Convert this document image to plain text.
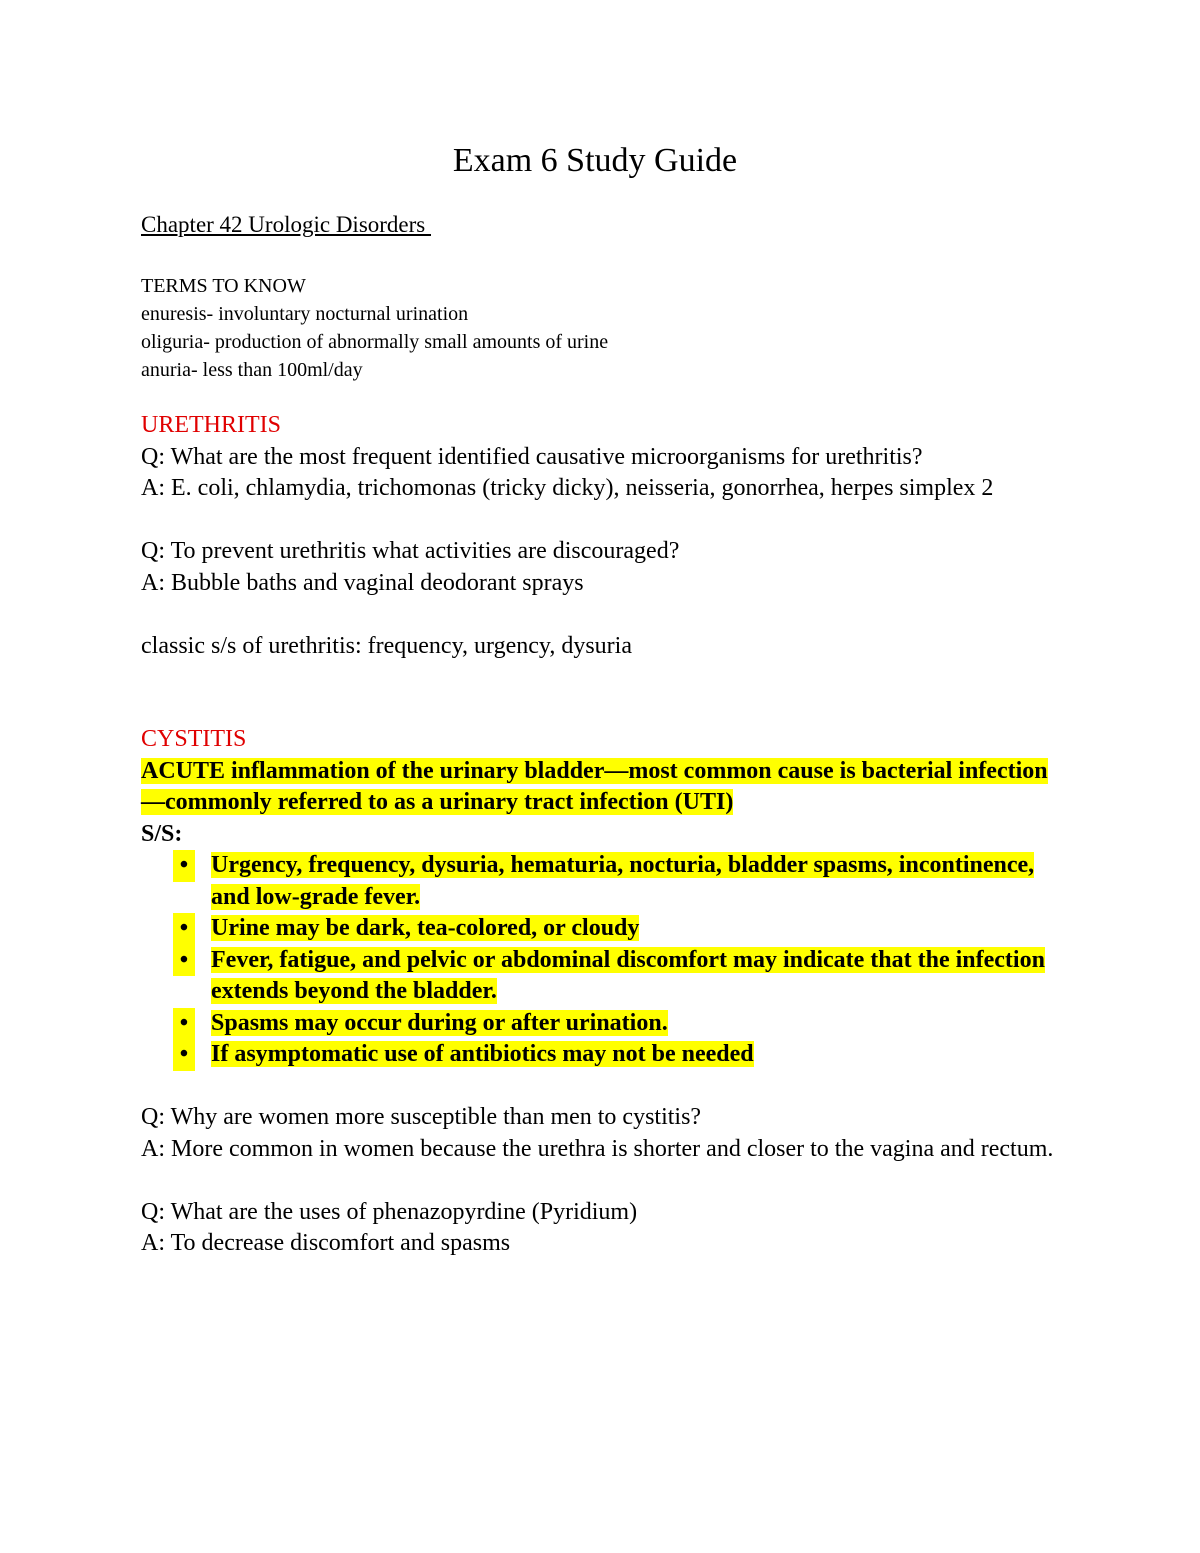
Exam 6 Study Guide
Chapter 42 Urologic Disorders
TERMS TO KNOW
enuresis- involuntary nocturnal urination
oliguria- production of abnormally small amounts of urine
anuria- less than 100ml/day
URETHRITIS

Q: What are the most frequent identified causative microorganisms for urethritis?

A: E. coli, chlamydia, trichomonas (tricky dicky), neisseria, gonorrhea, herpes simplex 2

Q: To prevent urethritis what activities are discouraged?

A: Bubble baths and vaginal deodorant sprays

classic s/s of urethritis: frequency, urgency, dysuria

CYSTITIS

ACUTE inflammation of the urinary bladder—most common cause is bacterial infection—commonly referred to as a urinary tract infection (UTI)

S/S:

• Urgency, frequency, dysuria, hematuria, nocturia, bladder spasms, incontinence, and low-grade fever.
• Urine may be dark, tea-colored, or cloudy
• Fever, fatigue, and pelvic or abdominal discomfort may indicate that the infection extends beyond the bladder.
• Spasms may occur during or after urination.
• If asymptomatic use of antibiotics may not be needed

Q: Why are women more susceptible than men to cystitis?

A: More common in women because the urethra is shorter and closer to the vagina and rectum.

Q: What are the uses of phenazopyrdine (Pyridium)

A: To decrease discomfort and spasms
